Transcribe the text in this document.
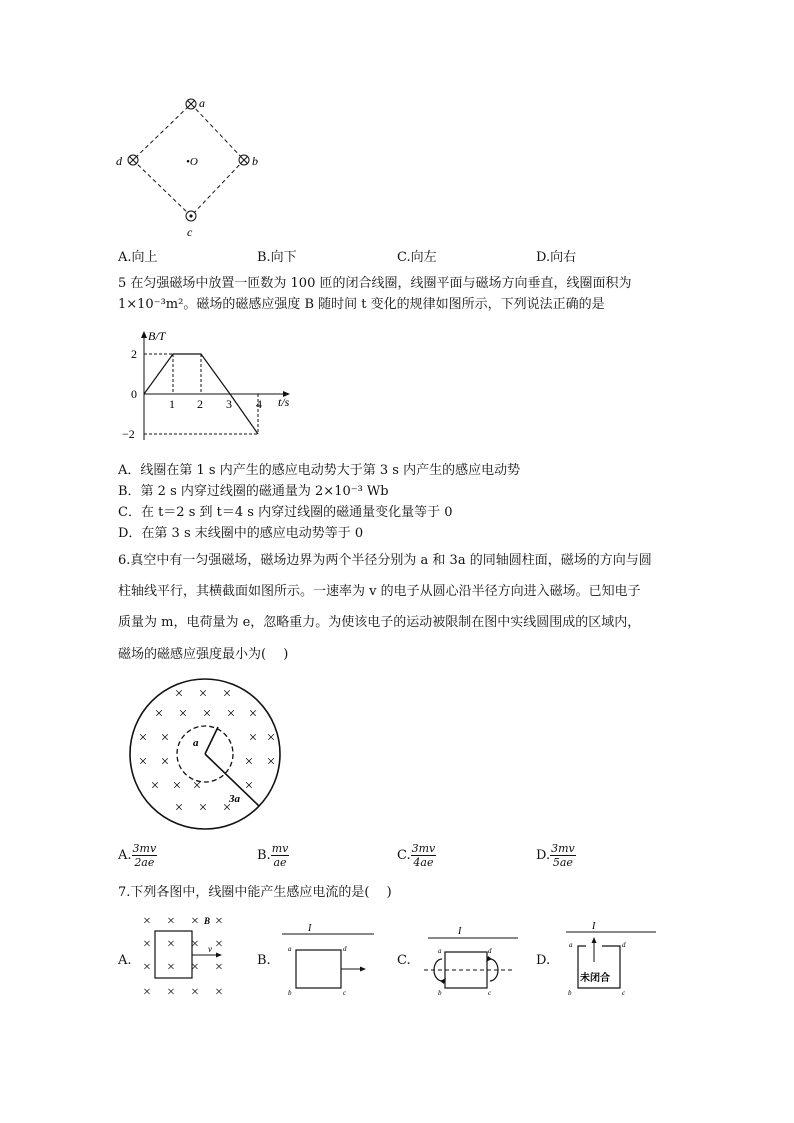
a
b
c
d	•O
A.向上	B.向下	C.向左	D.向右
5 在匀强磁场中放置一匝数为 100 匝的闭合线圈，线圈平面与磁场方向垂直，线圈面积为
1×10⁻³m²。磁场的磁感应强度 B 随时间 t 变化的规律如图所示，下列说法正确的是
B/T
t/s
2
0
−2
1 2 3 4
A．线圈在第 1 s 内产生的感应电动势大于第 3 s 内产生的感应电动势
B．第 2 s 内穿过线圈的磁通量为 2×10⁻³ Wb
C．在 t＝2 s 到 t＝4 s 内穿过线圈的磁通量变化量等于 0
D．在第 3 s 末线圈中的感应电动势等于 0
6.真空中有一匀强磁场，磁场边界为两个半径分别为 a 和 3a 的同轴圆柱面，磁场的方向与圆
柱轴线平行，其横截面如图所示。一速率为 v 的电子从圆心沿半径方向进入磁场。已知电子
质量为 m，电荷量为 e，忽略重力。为使该电子的运动被限制在图中实线圆围成的区域内，
磁场的磁感应强度最小为(　 )
× × ×
× × × × ×
× ×	× ×
× ×	× ×
× × ×	×
× × ×
a
3a
A. $\frac{3mv}{2ae}$	B. $\frac{mv}{ae}$	C. $\frac{3mv}{4ae}$	D. $\frac{3mv}{5ae}$
7.下列各图中，线圈中能产生感应电流的是(　 )
A.
× × × ×
× × × ×
× × × ×
× × × ×
B
v
B.
I
a
b	c
d
C.
I
a
b	c
d
D.
I
未闭合
a
b	c
d
